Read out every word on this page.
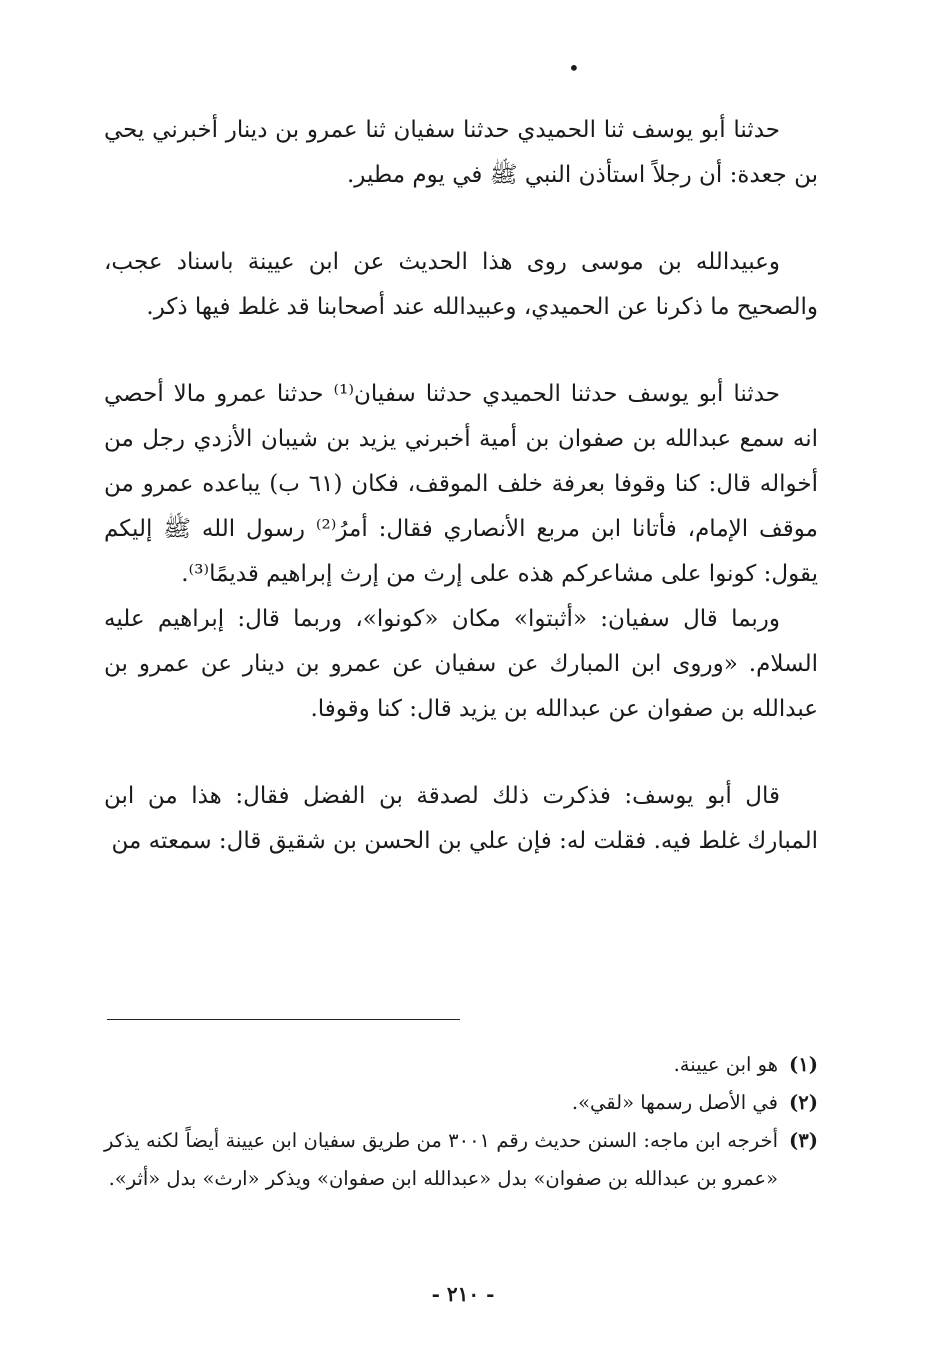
•

حدثنا أبو يوسف ثنا الحميدي حدثنا سفيان ثنا عمرو بن دينار أخبرني يحي بن جعدة: أن رجلاً استأذن النبي ﷺ في يوم مطير.

وعبيدالله بن موسى روى هذا الحديث عن ابن عيينة باسناد عجب، والصحيح ما ذكرنا عن الحميدي، وعبيدالله عند أصحابنا قد غلط فيها ذكر.

حدثنا أبو يوسف حدثنا الحميدي حدثنا سفيان⁽¹⁾ حدثنا عمرو مالا أحصي انه سمع عبدالله بن صفوان بن أمية أخبرني يزيد بن شيبان الأزدي رجل من أخواله قال: كنا وقوفا بعرفة خلف الموقف، فكان (٦١ ب) يباعده عمرو من موقف الإمام، فأتانا ابن مربع الأنصاري فقال: أمرُ⁽²⁾ رسول الله ﷺ إليكم يقول: كونوا على مشاعركم هذه على إرث من إرث إبراهيم قديمًا⁽³⁾.

وربما قال سفيان: «أثبتوا» مكان «كونوا»، وربما قال: إبراهيم عليه السلام. «وروى ابن المبارك عن سفيان عن عمرو بن دينار عن عمرو بن عبدالله بن صفوان عن عبدالله بن يزيد قال: كنا وقوفا.

قال أبو يوسف: فذكرت ذلك لصدقة بن الفضل فقال: هذا من ابن المبارك غلط فيه. فقلت له: فإن علي بن الحسن بن شقيق قال: سمعته من

(١)
هو ابن عيينة.
(٢)
في الأصل رسمها «لقي».
(٣)
أخرجه ابن ماجه: السنن حديث رقم ٣٠٠١ من طريق سفيان ابن عيينة أيضاً لكنه يذكر «عمرو بن عبدالله بن صفوان» بدل «عبدالله ابن صفوان» ويذكر «ارث» بدل «أثر».
- ٢١٠ -
